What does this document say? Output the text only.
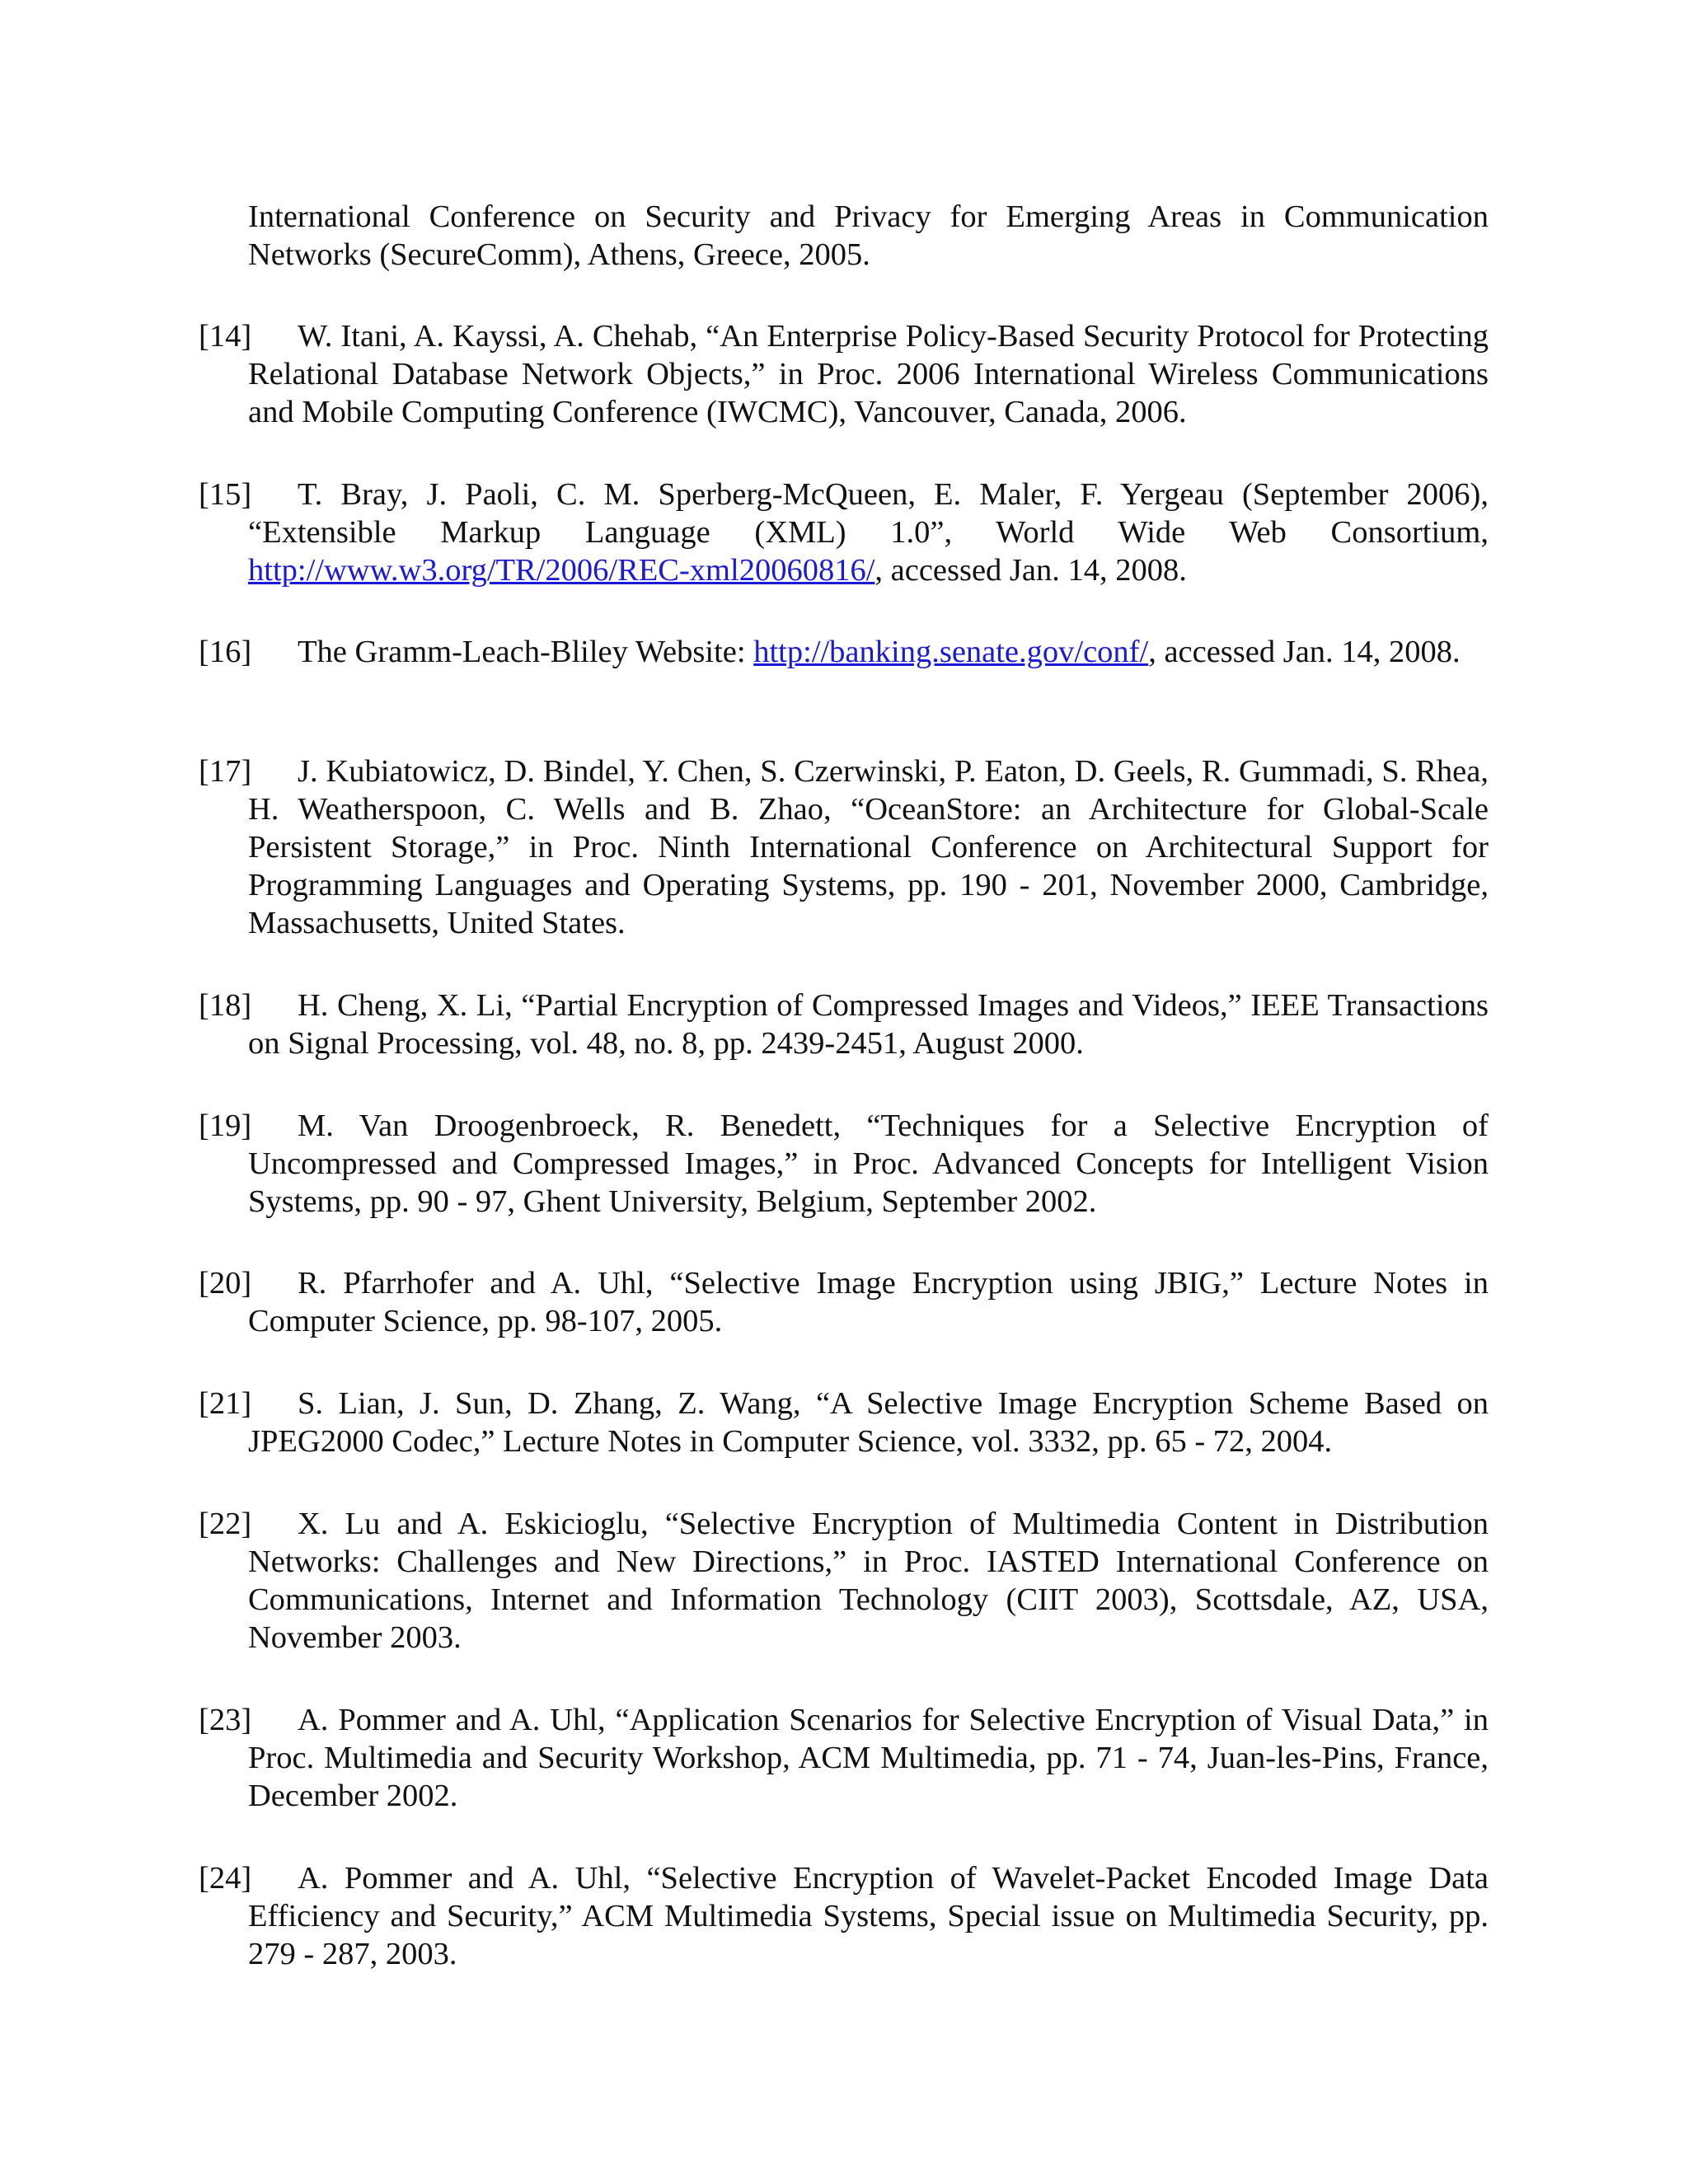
International Conference on Security and Privacy for Emerging Areas in Communication Networks (SecureComm), Athens, Greece, 2005.

[14] W. Itani, A. Kayssi, A. Chehab, “An Enterprise Policy-Based Security Protocol for Protecting Relational Database Network Objects,” in Proc. 2006 International Wireless Communications and Mobile Computing Conference (IWCMC), Vancouver, Canada, 2006.

[15] T. Bray, J. Paoli, C. M. Sperberg-McQueen, E. Maler, F. Yergeau (September 2006), “Extensible Markup Language (XML) 1.0”, World Wide Web Consortium, http://www.w3.org/TR/2006/REC-xml20060816/, accessed Jan. 14, 2008.

[16] The Gramm-Leach-Bliley Website: http://banking.senate.gov/conf/, accessed Jan. 14, 2008.

[17] J. Kubiatowicz, D. Bindel, Y. Chen, S. Czerwinski, P. Eaton, D. Geels, R. Gummadi, S. Rhea, H. Weatherspoon, C. Wells and B. Zhao, “OceanStore: an Architecture for Global-Scale Persistent Storage,” in Proc. Ninth International Conference on Architectural Support for Programming Languages and Operating Systems, pp. 190 - 201, November 2000, Cambridge, Massachusetts, United States.

[18] H. Cheng, X. Li, “Partial Encryption of Compressed Images and Videos,” IEEE Transactions on Signal Processing, vol. 48, no. 8, pp. 2439-2451, August 2000.

[19] M. Van Droogenbroeck, R. Benedett, “Techniques for a Selective Encryption of Uncompressed and Compressed Images,” in Proc. Advanced Concepts for Intelligent Vision Systems, pp. 90 - 97, Ghent University, Belgium, September 2002.

[20] R. Pfarrhofer and A. Uhl, “Selective Image Encryption using JBIG,” Lecture Notes in Computer Science, pp. 98-107, 2005.

[21] S. Lian, J. Sun, D. Zhang, Z. Wang, “A Selective Image Encryption Scheme Based on JPEG2000 Codec,” Lecture Notes in Computer Science, vol. 3332, pp. 65 - 72, 2004.

[22] X. Lu and A. Eskicioglu, “Selective Encryption of Multimedia Content in Distribution Networks: Challenges and New Directions,” in Proc. IASTED International Conference on Communications, Internet and Information Technology (CIIT 2003), Scottsdale, AZ, USA, November 2003.

[23] A. Pommer and A. Uhl, “Application Scenarios for Selective Encryption of Visual Data,” in Proc. Multimedia and Security Workshop, ACM Multimedia, pp. 71 - 74, Juan-les-Pins, France, December 2002.

[24] A. Pommer and A. Uhl, “Selective Encryption of Wavelet-Packet Encoded Image Data Efficiency and Security,” ACM Multimedia Systems, Special issue on Multimedia Security, pp. 279 - 287, 2003.
